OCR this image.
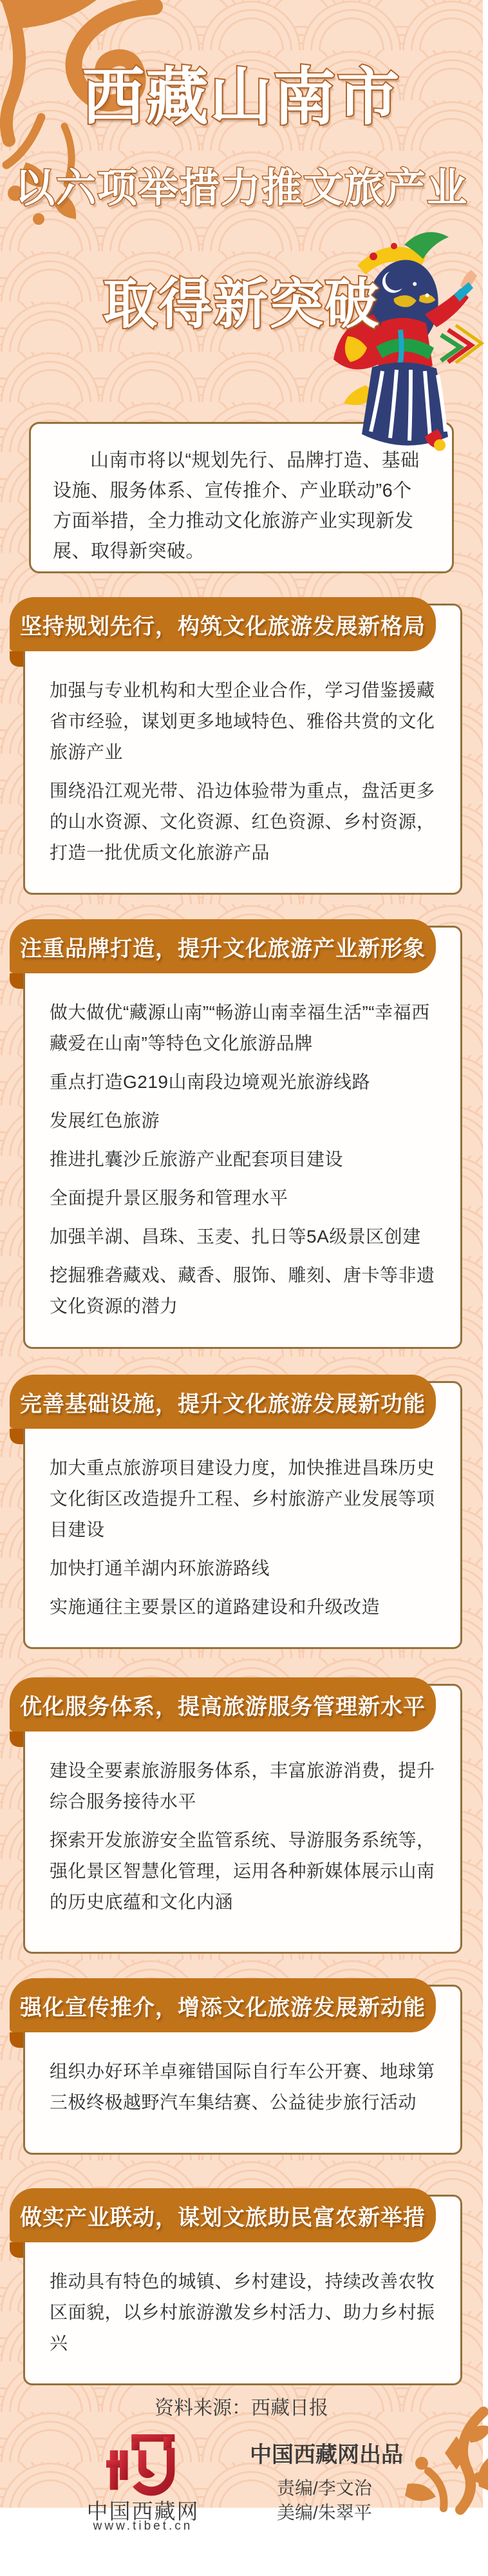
西藏山南市
以六项举措力推文旅产业
取得新突破

山南市将以“规划先行、品牌打造、基础设施、服务体系、宣传推介、产业联动”6个方面举措，全力推动文化旅游产业实现新发展、取得新突破。

坚持规划先行，构筑文化旅游发展新格局

加强与专业机构和大型企业合作，学习借鉴援藏省市经验，谋划更多地域特色、雅俗共赏的文化旅游产业

围绕沿江观光带、沿边体验带为重点，盘活更多的山水资源、文化资源、红色资源、乡村资源，打造一批优质文化旅游产品

注重品牌打造，提升文化旅游产业新形象

做大做优“藏源山南”“畅游山南幸福生活”“幸福西藏爱在山南”等特色文化旅游品牌

重点打造G219山南段边境观光旅游线路

发展红色旅游

推进扎囊沙丘旅游产业配套项目建设

全面提升景区服务和管理水平

加强羊湖、昌珠、玉麦、扎日等5A级景区创建

挖掘雅砻藏戏、藏香、服饰、雕刻、唐卡等非遗文化资源的潜力

完善基础设施，提升文化旅游发展新功能

加大重点旅游项目建设力度，加快推进昌珠历史文化街区改造提升工程、乡村旅游产业发展等项目建设

加快打通羊湖内环旅游路线

实施通往主要景区的道路建设和升级改造

优化服务体系，提高旅游服务管理新水平

建设全要素旅游服务体系，丰富旅游消费，提升综合服务接待水平

探索开发旅游安全监管系统、导游服务系统等，强化景区智慧化管理，运用各种新媒体展示山南的历史底蕴和文化内涵

强化宣传推介，增添文化旅游发展新动能

组织办好环羊卓雍错国际自行车公开赛、地球第三极终极越野汽车集结赛、公益徒步旅行活动

做实产业联动，谋划文旅助民富农新举措

推动具有特色的城镇、乡村建设，持续改善农牧区面貌，以乡村旅游激发乡村活力、助力乡村振兴

资料来源：西藏日报

中国西藏网

www.tibet.cn

中国西藏网出品

责编/李文治

美编/朱翠平
